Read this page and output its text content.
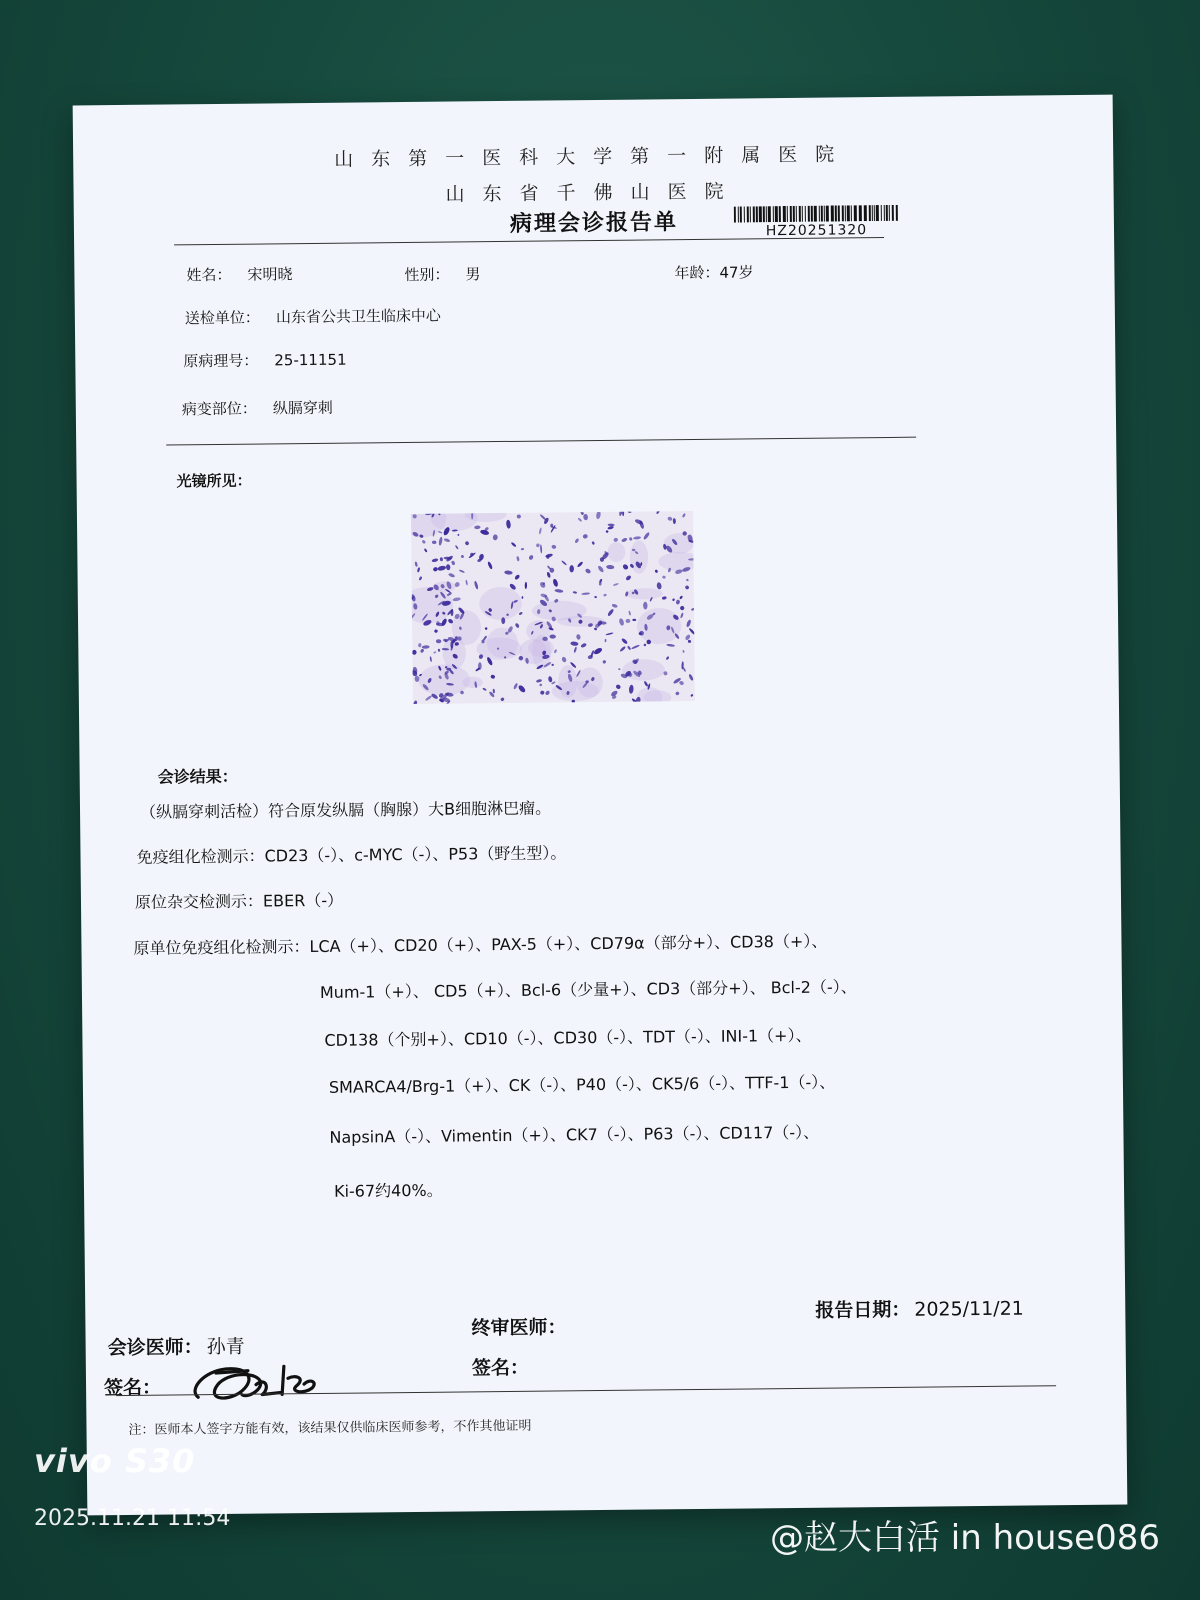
山东第一医科大学第一附属医院
山东省千佛山医院
病理会诊报告单	HZ20251320
姓名： 宋明晓	性别： 男	年龄：47岁
送检单位： 山东省公共卫生临床中心
原病理号： 25-11151
病变部位： 纵膈穿刺
光镜所见：
会诊结果：
（纵膈穿刺活检）符合原发纵膈（胸腺）大B细胞淋巴瘤。
免疫组化检测示：CD23（-）、c-MYC（-）、P53（野生型）。
原位杂交检测示：EBER（-）
原单位免疫组化检测示：LCA（+）、CD20（+）、PAX-5（+）、CD79α（部分+）、CD38（+）、
Mum-1（+）、 CD5（+）、Bcl-6（少量+）、CD3（部分+）、 Bcl-2（-）、
CD138（个别+）、CD10（-）、CD30（-）、TDT（-）、INI-1（+）、
SMARCA4/Brg-1（+）、CK（-）、P40（-）、CK5/6（-）、TTF-1（-）、
NapsinA（-）、Vimentin（+）、CK7（-）、P63（-）、CD117（-）、
Ki-67约40%。
会诊医师： 孙青
签名：
终审医师：
签名：
报告日期： 2025/11/21
注：医师本人签字方能有效，该结果仅供临床医师参考，不作其他证明
vivo S30
2025.11.21 11:54	@赵大白活 in house086
